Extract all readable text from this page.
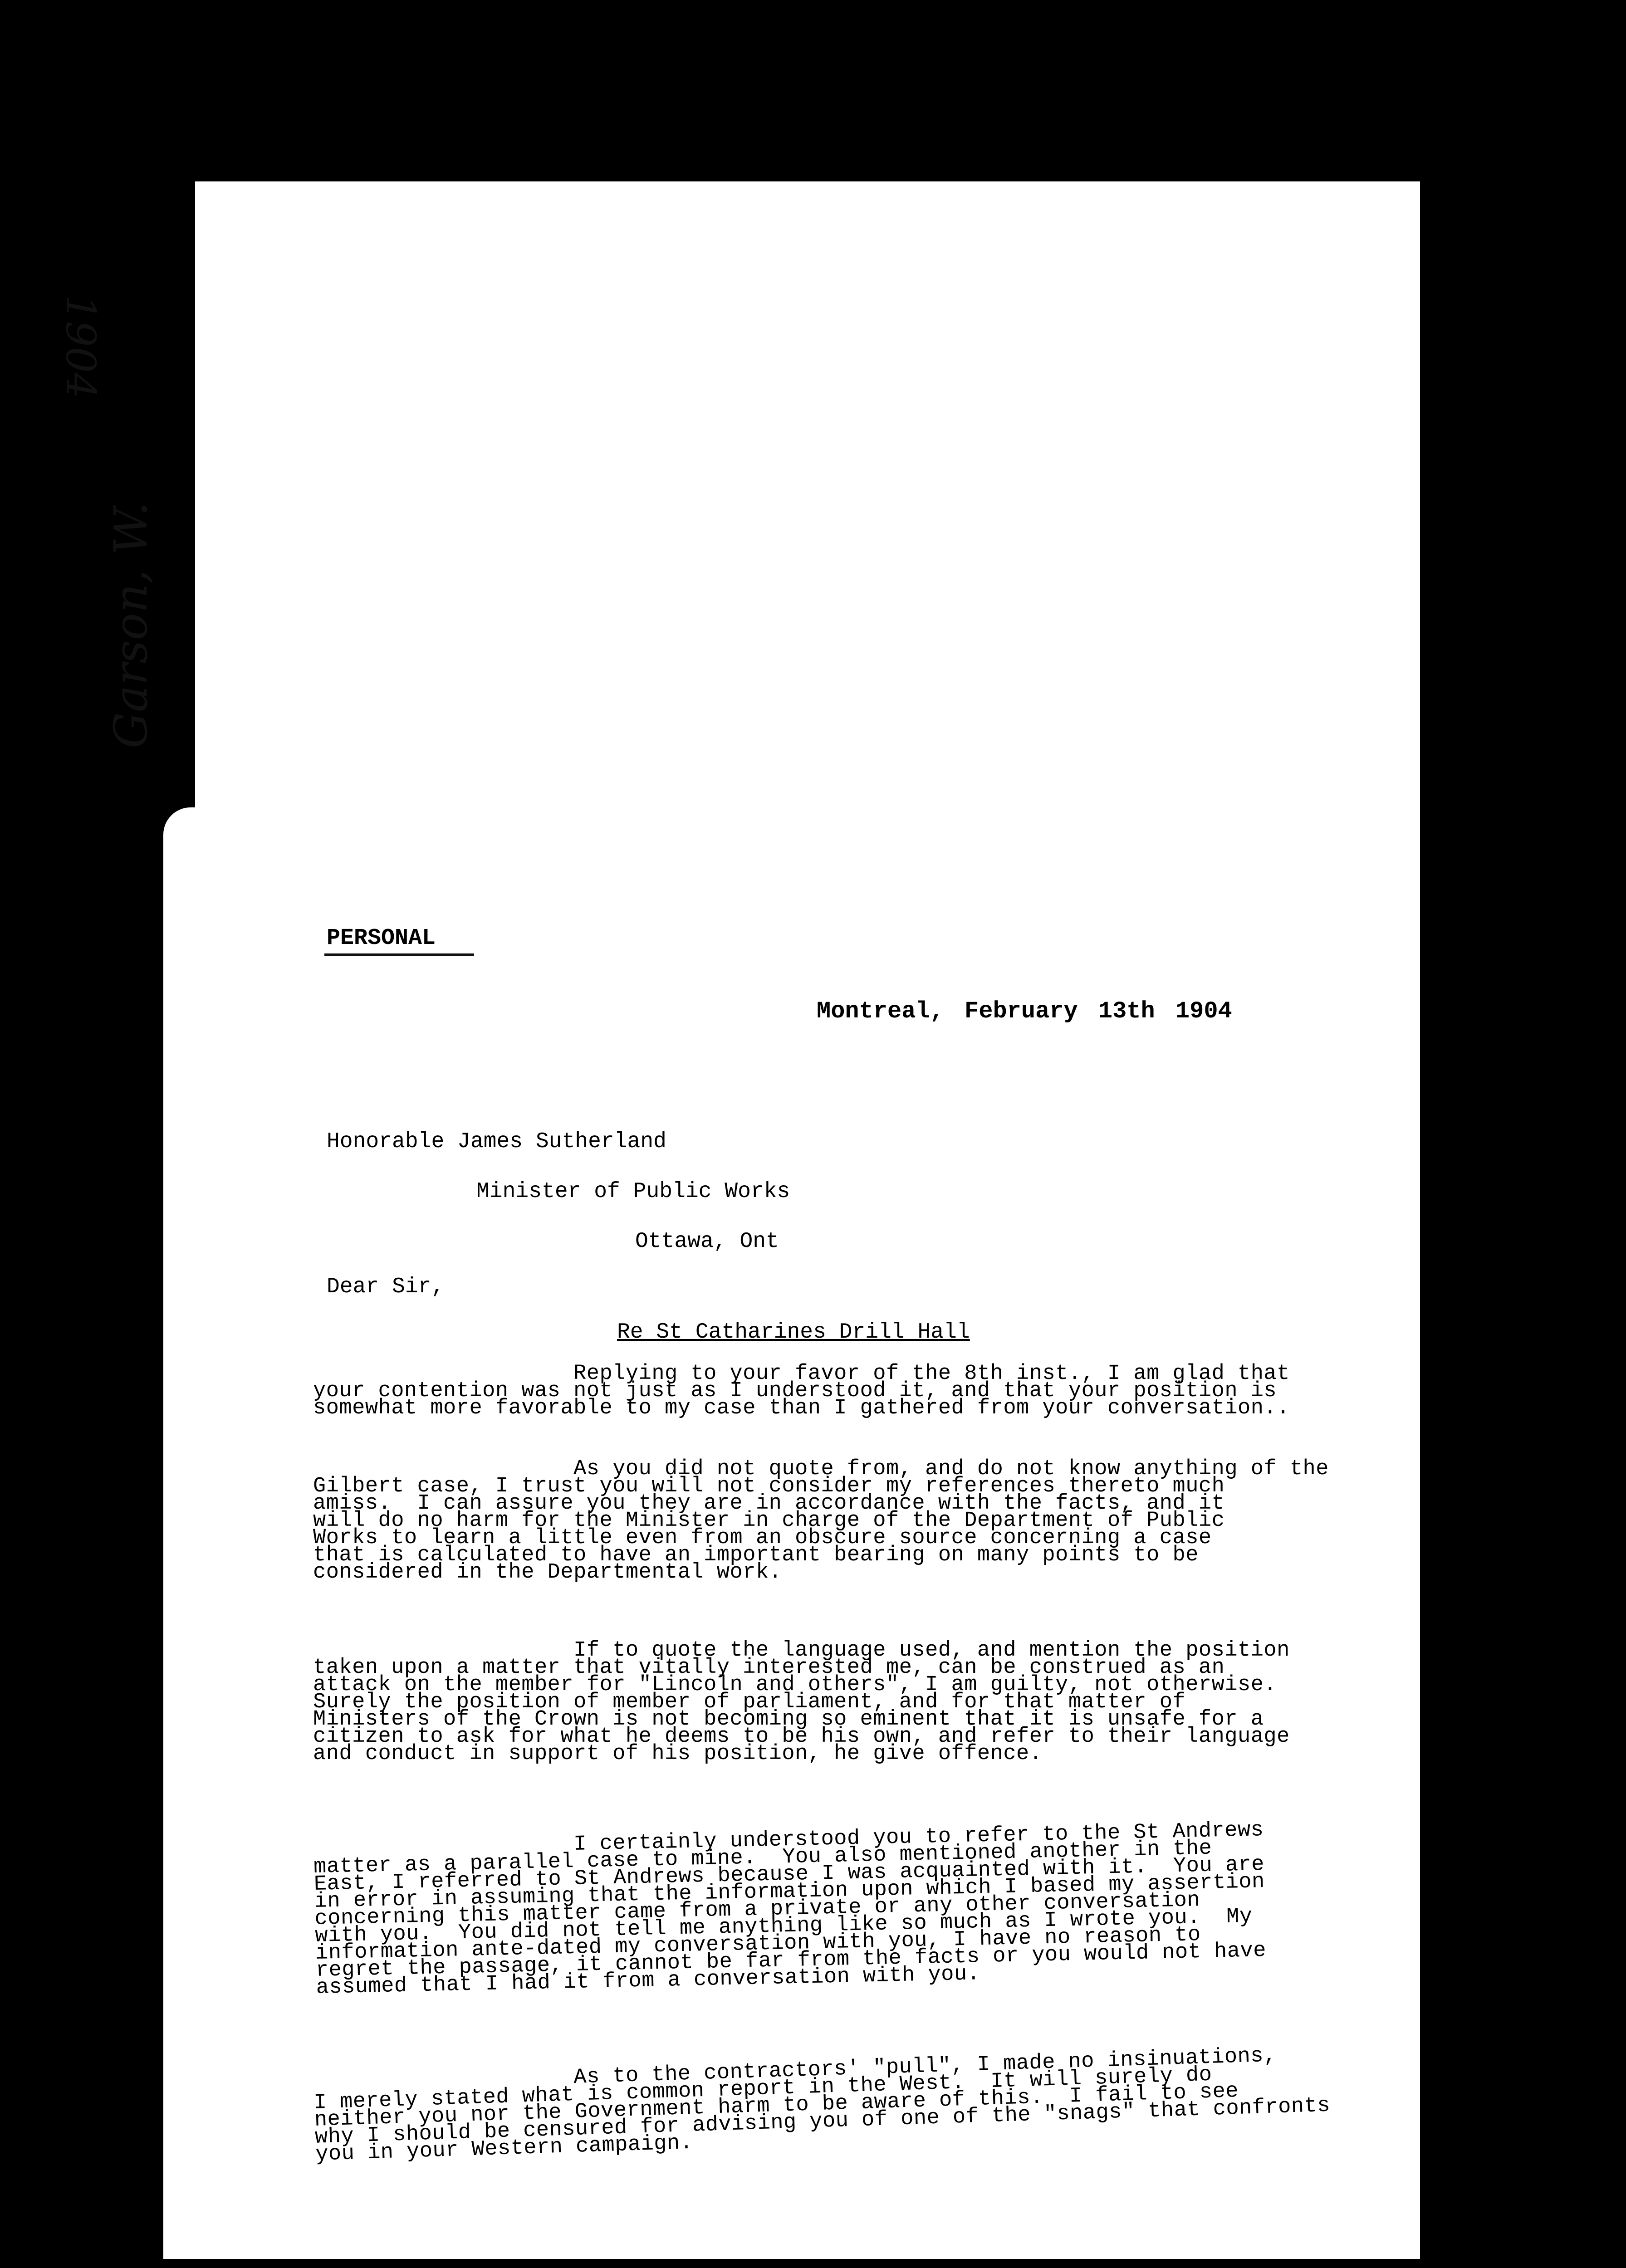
1904
Garson, W.
PERSONAL
Montreal, February 13th 1904
Honorable James Sutherland
Minister of Public Works
Ottawa, Ont
Dear Sir,
Re St Catharines Drill Hall
Replying to your favor of the 8th inst., I am glad that
your contention was not just as I understood it, and that your position is
somewhat more favorable to my case than I gathered from your conversation..
As you did not quote from, and do not know anything of the
Gilbert case, I trust you will not consider my references thereto much
amiss.  I can assure you they are in accordance with the facts, and it
will do no harm for the Minister in charge of the Department of Public
Works to learn a little even from an obscure source concerning a case
that is calculated to have an important bearing on many points to be
considered in the Departmental work.
If to quote the language used, and mention the position
taken upon a matter that vitally interested me, can be construed as an
attack on the member for "Lincoln and others", I am guilty, not otherwise.
Surely the position of member of parliament, and for that matter of
Ministers of the Crown is not becoming so eminent that it is unsafe for a
citizen to ask for what he deems to be his own, and refer to their language
and conduct in support of his position, he give offence.
I certainly understood you to refer to the St Andrews
matter as a parallel case to mine.  You also mentioned another in the
East, I referred to St Andrews because I was acquainted with it.  You are
in error in assuming that the information upon which I based my assertion
concerning this matter came from a private or any other conversation
with you.  You did not tell me anything like so much as I wrote you.  My
information ante-dated my conversation with you, I have no reason to
regret the passage, it cannot be far from the facts or you would not have
assumed that I had it from a conversation with you.
As to the contractors' "pull", I made no insinuations,
I merely stated what is common report in the West.  It will surely do
neither you nor the Government harm to be aware of this.  I fail to see
why I should be censured for advising you of one of the "snags" that confronts
you in your Western campaign.
